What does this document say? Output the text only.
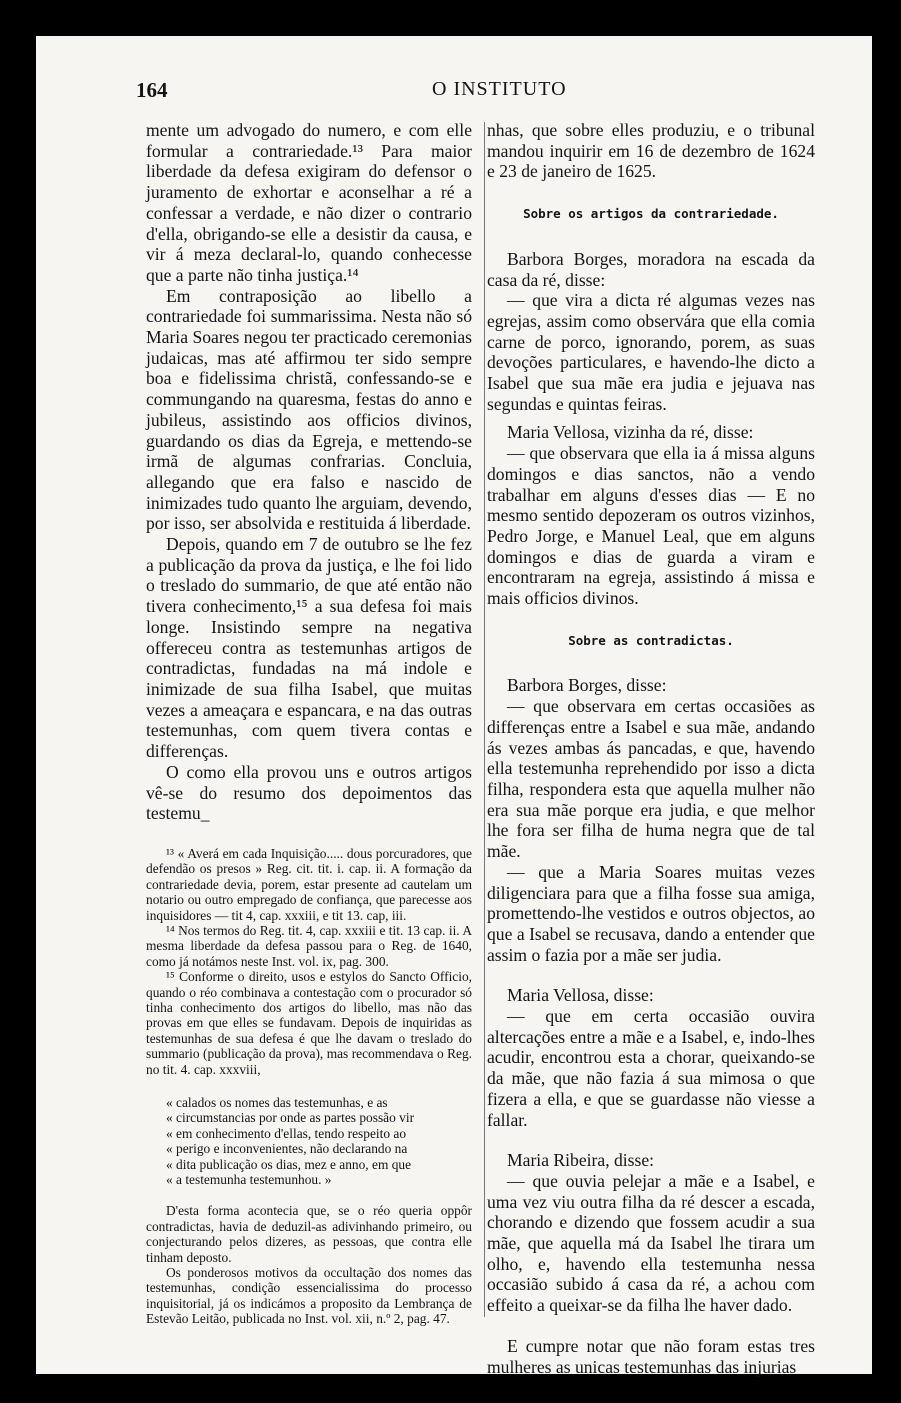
164	O INSTITUTO

mente um advogado do numero, e com elle formular a contrariedade.¹³ Para maior liberdade da defesa exigiram do defensor o juramento de exhortar e aconselhar a ré a confessar a verdade, e não dizer o contrario d'ella, obrigando-se elle a desistir da causa, e vir á meza declaral-lo, quando conhecesse que a parte não tinha justiça.¹⁴

Em contraposição ao libello a contrariedade foi summarissima. Nesta não só Maria Soares negou ter practicado ceremonias judaicas, mas até affirmou ter sido sempre boa e fidelissima christã, confessando-se e commungando na quaresma, festas do anno e jubileus, assistindo aos officios divinos, guardando os dias da Egreja, e mettendo-se irmã de algumas confrarias. Concluia, allegando que era falso e nascido de inimizades tudo quanto lhe arguiam, devendo, por isso, ser absolvida e restituida á liberdade.

Depois, quando em 7 de outubro se lhe fez a publicação da prova da justiça, e lhe foi lido o treslado do summario, de que até então não tivera conhecimento,¹⁵ a sua defesa foi mais longe. Insistindo sempre na negativa offereceu contra as testemunhas artigos de contradictas, fundadas na má indole e inimizade de sua filha Isabel, que muitas vezes a ameaçara e espancara, e na das outras testemunhas, com quem tivera contas e differenças.

O como ella provou uns e outros artigos vê-se do resumo dos depoimentos das testemu_

¹³ « Averá em cada Inquisição..... dous porcuradores, que defendão os presos » Reg. cit. tit. i. cap. ii. A formação da contrariedade devia, porem, estar presente ad cautelam um notario ou outro empregado de confiança, que parecesse aos inquisidores — tit 4, cap. xxxiii, e tit 13. cap, iii.

¹⁴ Nos termos do Reg. tit. 4, cap. xxxiii e tit. 13 cap. ii. A mesma liberdade da defesa passou para o Reg. de 1640, como já notámos neste Inst. vol. ix, pag. 300.

¹⁵ Conforme o direito, usos e estylos do Sancto Officio, quando o réo combinava a contestação com o procurador só tinha conhecimento dos artigos do libello, mas não das provas em que elles se fundavam. Depois de inquiridas as testemunhas de sua defesa é que lhe davam o treslado do summario (publicação da prova), mas recommendava o Reg. no tit. 4. cap. xxxviii,

« calados os nomes das testemunhas, e as
« circumstancias por onde as partes possão vir
« em conhecimento d'ellas, tendo respeito ao
« perigo e inconvenientes, não declarando na
« dita publicação os dias, mez e anno, em que
« a testemunha testemunhou. »

D'esta forma acontecia que, se o réo queria oppôr contradictas, havia de deduzil-as adivinhando primeiro, ou conjecturando pelos dizeres, as pessoas, que contra elle tinham deposto.

Os ponderosos motivos da occultação dos nomes das testemunhas, condição essencialissima do processo inquisitorial, já os indicámos a proposito da Lembrança de Estevão Leitão, publicada no Inst. vol. xii, n.º 2, pag. 47.

nhas, que sobre elles produziu, e o tribunal mandou inquirir em 16 de dezembro de 1624 e 23 de janeiro de 1625.

Sobre os artigos da contrariedade.

Barbora Borges, moradora na escada da casa da ré, disse:

— que vira a dicta ré algumas vezes nas egrejas, assim como observára que ella comia carne de porco, ignorando, porem, as suas devoções particulares, e havendo-lhe dicto a Isabel que sua mãe era judia e jejuava nas segundas e quintas feiras.

Maria Vellosa, vizinha da ré, disse:

— que observara que ella ia á missa alguns domingos e dias sanctos, não a vendo trabalhar em alguns d'esses dias — E no mesmo sentido depozeram os outros vizinhos, Pedro Jorge, e Manuel Leal, que em alguns domingos e dias de guarda a viram e encontraram na egreja, assistindo á missa e mais officios divinos.

Sobre as contradictas.

Barbora Borges, disse:

— que observara em certas occasiões as differenças entre a Isabel e sua mãe, andando ás vezes ambas ás pancadas, e que, havendo ella testemunha reprehendido por isso a dicta filha, respondera esta que aquella mulher não era sua mãe porque era judia, e que melhor lhe fora ser filha de huma negra que de tal mãe.

— que a Maria Soares muitas vezes diligenciara para que a filha fosse sua amiga, promettendo-lhe vestidos e outros objectos, ao que a Isabel se recusava, dando a entender que assim o fazia por a mãe ser judia.

Maria Vellosa, disse:

— que em certa occasião ouvira altercações entre a mãe e a Isabel, e, indo-lhes acudir, encontrou esta a chorar, queixando-se da mãe, que não fazia á sua mimosa o que fizera a ella, e que se guardasse não viesse a fallar.

Maria Ribeira, disse:

— que ouvia pelejar a mãe e a Isabel, e uma vez viu outra filha da ré descer a escada, chorando e dizendo que fossem acudir a sua mãe, que aquella má da Isabel lhe tirara um olho, e, havendo ella testemunha nessa occasião subido á casa da ré, a achou com effeito a queixar-se da filha lhe haver dado.

E cumpre notar que não foram estas tres mulheres as unicas testemunhas das injurias
